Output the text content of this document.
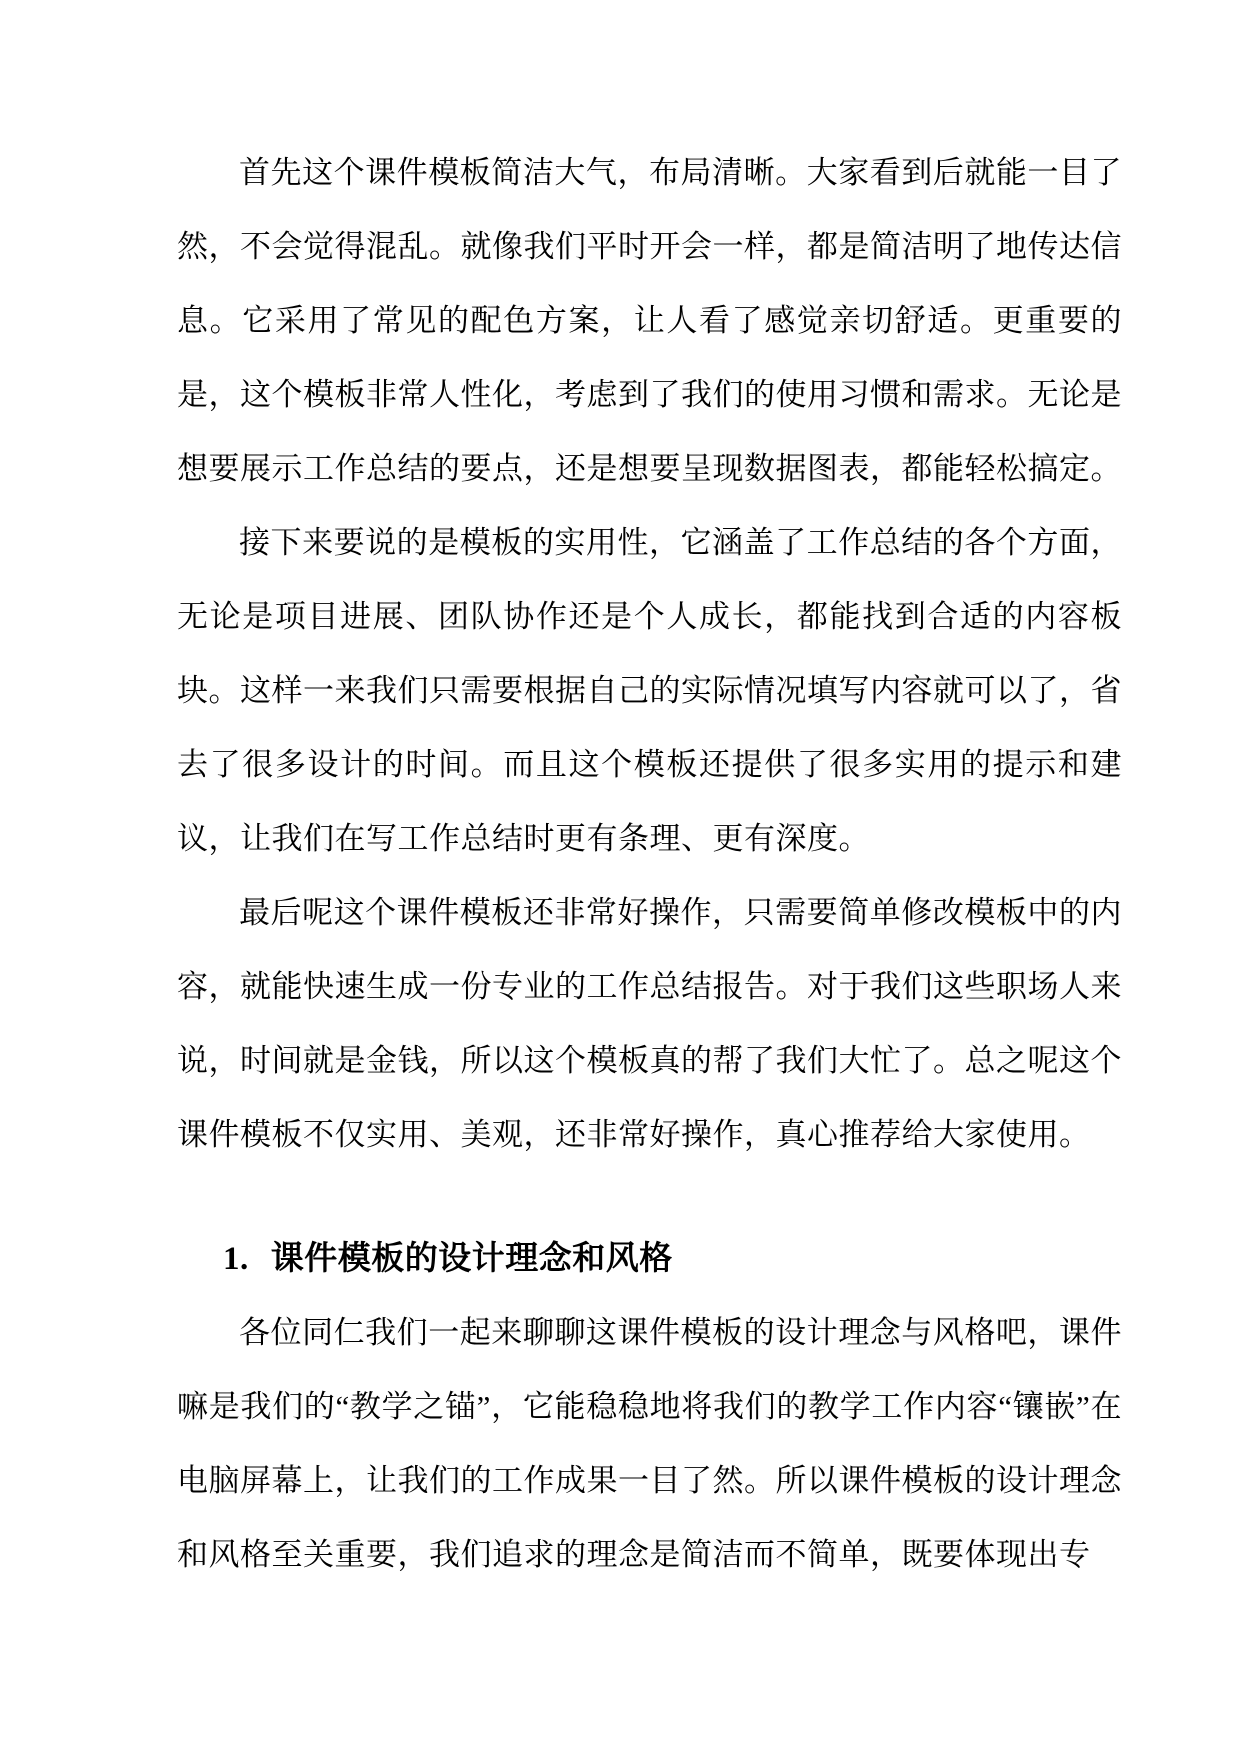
首先这个课件模板简洁大气，布局清晰。大家看到后就能一目了然，不会觉得混乱。就像我们平时开会一样，都是简洁明了地传达信息。它采用了常见的配色方案，让人看了感觉亲切舒适。更重要的是，这个模板非常人性化，考虑到了我们的使用习惯和需求。无论是想要展示工作总结的要点，还是想要呈现数据图表，都能轻松搞定。

接下来要说的是模板的实用性，它涵盖了工作总结的各个方面，无论是项目进展、团队协作还是个人成长，都能找到合适的内容板块。这样一来我们只需要根据自己的实际情况填写内容就可以了，省去了很多设计的时间。而且这个模板还提供了很多实用的提示和建议，让我们在写工作总结时更有条理、更有深度。

最后呢这个课件模板还非常好操作，只需要简单修改模板中的内容，就能快速生成一份专业的工作总结报告。对于我们这些职场人来说，时间就是金钱，所以这个模板真的帮了我们大忙了。总之呢这个课件模板不仅实用、美观，还非常好操作，真心推荐给大家使用。

1. 课件模板的设计理念和风格

各位同仁我们一起来聊聊这课件模板的设计理念与风格吧，课件嘛是我们的“教学之锚”，它能稳稳地将我们的教学工作内容“镶嵌”在电脑屏幕上，让我们的工作成果一目了然。所以课件模板的设计理念和风格至关重要，我们追求的理念是简洁而不简单，既要体现出专
